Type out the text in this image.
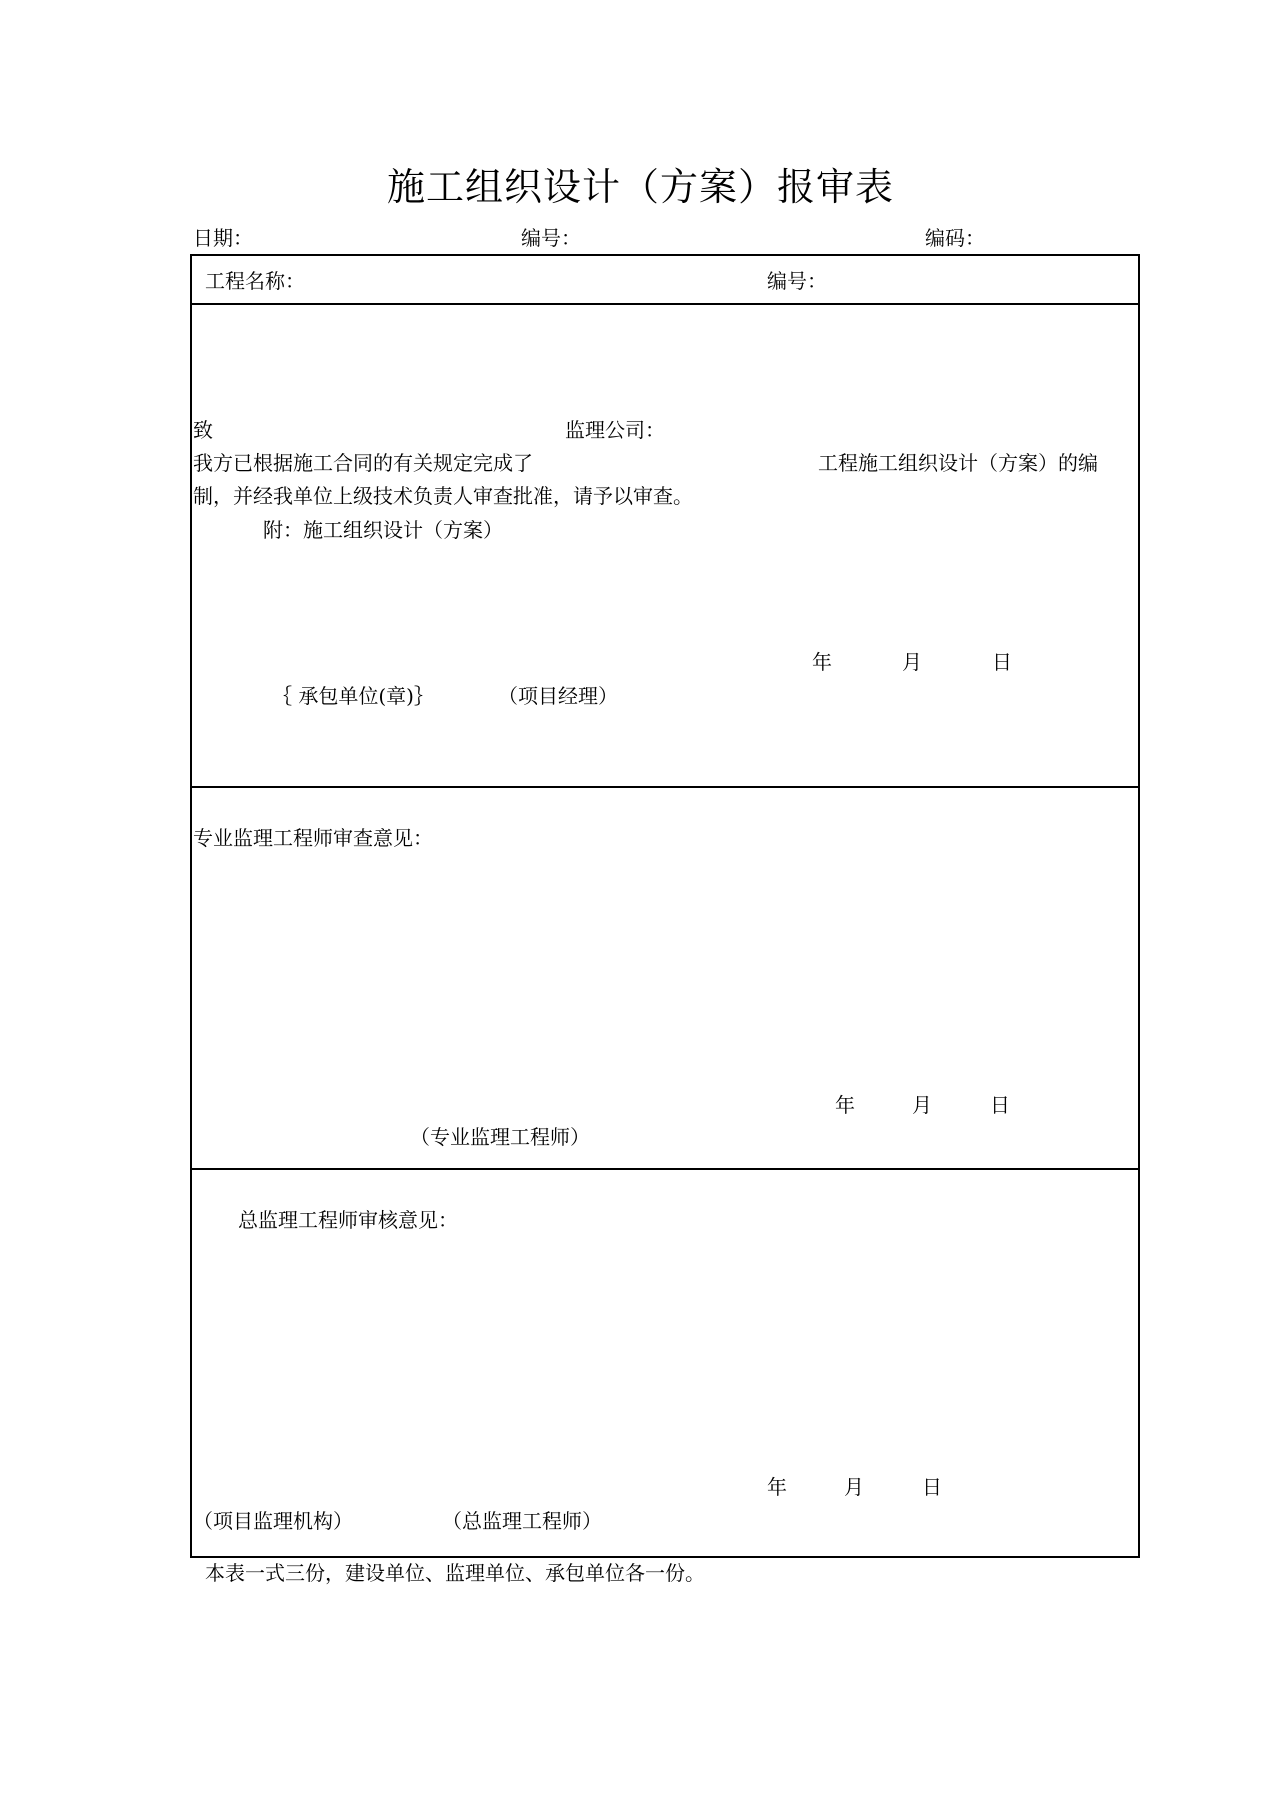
施工组织设计（方案）报审表
日期：	编号：	编码：
工程名称：	编号：
致	监理公司：
我方已根据施工合同的有关规定完成了	工程施工组织设计（方案）的编
制，并经我单位上级技术负责人审查批准，请予以审查。
附：施工组织设计（方案）
年	月	日
｛ 承包单位(章)｝	（项目经理）
专业监理工程师审查意见：
年	月	日
（专业监理工程师）
总监理工程师审核意见：
年	月	日
（项目监理机构）	（总监理工程师）
本表一式三份，建设单位、监理单位、承包单位各一份。
